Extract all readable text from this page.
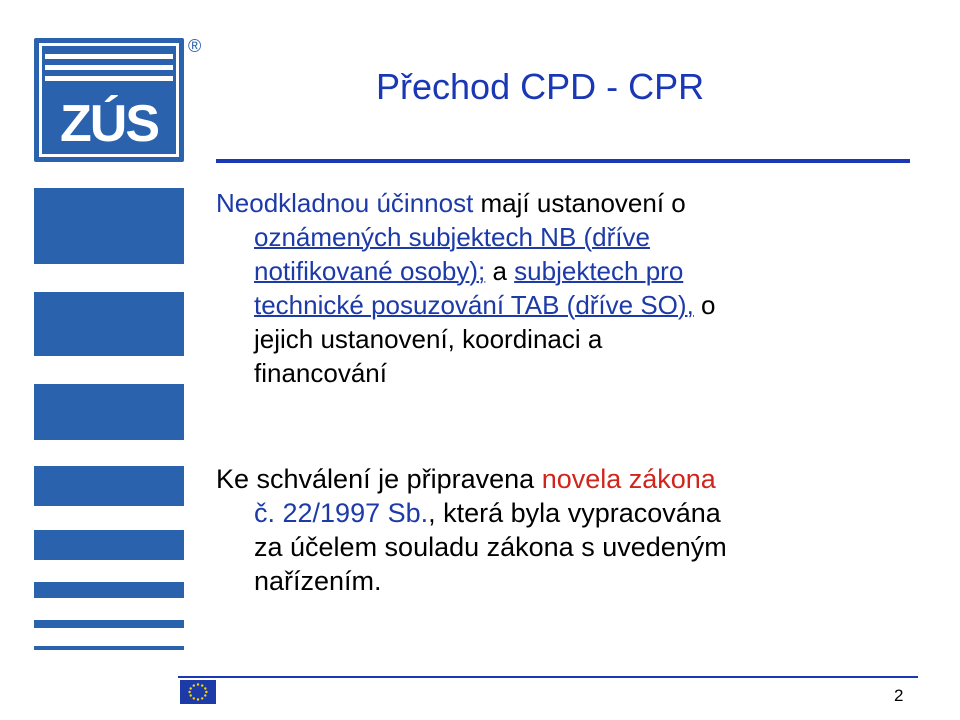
ZÚS
®
Přechod CPD - CPR
Neodkladnou účinnost mají ustanovení o
oznámených subjektech NB (dříve
notifikované osoby); a subjektech pro
technické posuzování TAB (dříve SO), o
jejich ustanovení, koordinaci a
financování
Ke schválení je připravena novela zákona
č. 22/1997 Sb., která byla vypracována
za účelem souladu zákona s uvedeným
nařízením.
2
